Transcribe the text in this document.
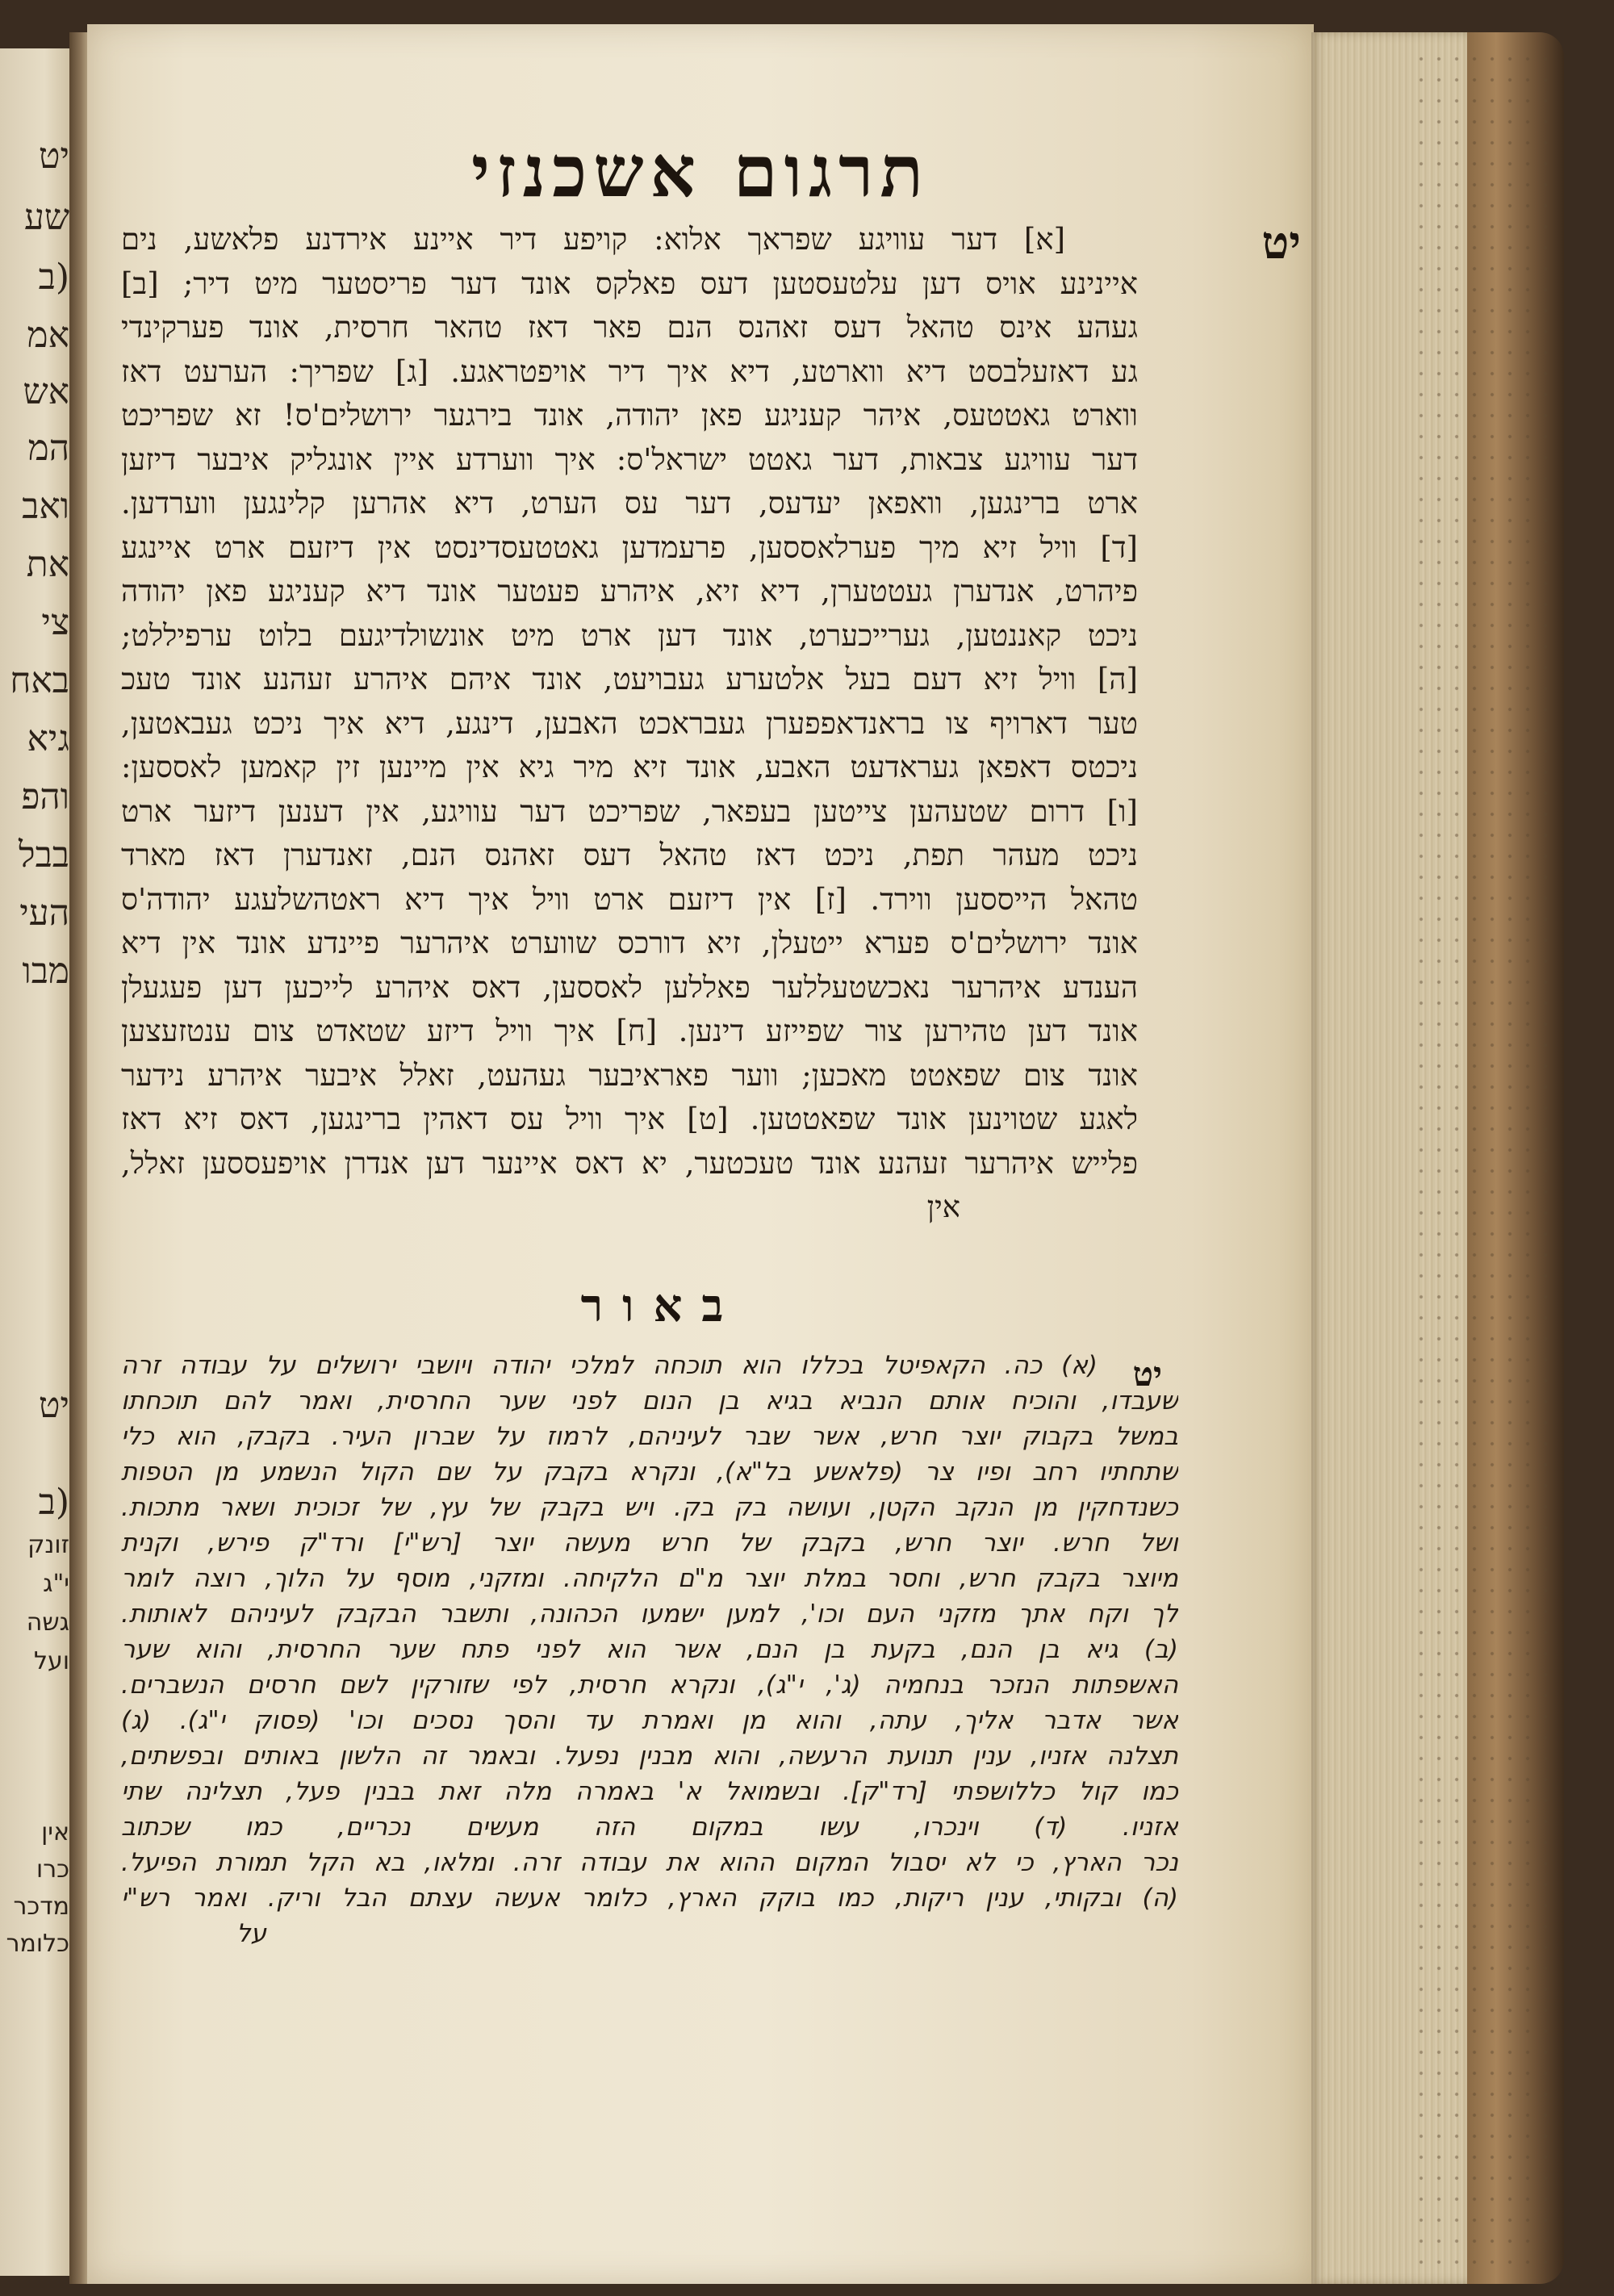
יט
שע
(ב
אמ
אש
המ
ואב
את
צי
באח
גיא
והפ
בבל
העי
מבו
יט
(ב
זונק
י"ג
גשה
ועל
אין
כרו
מדכר
כלומר
תרגום אשכנזי
יט
[א] דער עוויגע שפראך אלוא: קויפע דיר איינע אירדנע פלאשע, נים
איינינע אויס דען עלטעסטען דעס פאלקס אונד דער פריסטער מיט דיר; [ב]
געהע אינס טהאל דעס זאהנס הנם פאר דאז טהאר חרסית, אונד פערקינדי
גע דאזעלבסט דיא ווארטע, דיא איך דיר אויפטראגע. [ג] שפריך: הערעט דאז
ווארט גאטטעס, איהר קעניגע פאן יהודה, אונד בירגער ירושלים'ס! זא שפריכט
דער עוויגע צבאות, דער גאטט ישראל'ס: איך ווערדע איין אונגליק איבער דיזען
ארט ברינגען, וואפאן יעדעס, דער עס הערט, דיא אהרען קלינגען ווערדען.
[ד] וויל זיא מיך פערלאססען, פרעמדען גאטטעסדינסט אין דיזעם ארט איינגע
פיהרט, אנדערן געטטערן, דיא זיא, איהרע פעטער אונד דיא קעניגע פאן יהודה
ניכט קאננטען, גערייכערט, אונד דען ארט מיט אונשולדיגעם בלוט ערפיללט;
[ה] וויל זיא דעם בעל אלטערע געבויעט, אונד איהם איהרע זעהנע אונד טעכ
טער דארויף צו בראנדאפפערן געבראכט האבען, דינגע, דיא איך ניכט געבאטען,
ניכטס דאפאן געראדעט האבע, אונד זיא מיר גיא אין מיינען זין קאמען לאססען:
[ו] דרום שטעהען צייטען בעפאר, שפריכט דער עוויגע, אין דענען דיזער ארט
ניכט מעהר תפת, ניכט דאז טהאל דעס זאהנס הנם, זאנדערן דאז מארד
טהאל הייססען ווירד. [ז] אין דיזעם ארט וויל איך דיא ראטהשלעגע יהודה'ס
אונד ירושלים'ס פערא ייטעלן, זיא דורכס שווערט איהרער פיינדע אונד אין דיא
הענדע איהרער נאכשטעללער פאללען לאססען, דאס איהרע לייכען דען פעגעלן
אונד דען טהירען צור שפייזע דינען. [ח] איך וויל דיזע שטאדט צום ענטזעצען
אונד צום שפאטט מאכען; ווער פאראיבער געהעט, זאלל איבער איהרע נידער
לאגע שטוינען אונד שפאטטען. [ט] איך וויל עס דאהין ברינגען, דאס זיא דאז
פלייש איהרער זעהנע אונד טעכטער, יא דאס איינער דען אנדרן אויפעססען זאלל,
אין
באור
יט
(א) כה. הקאפיטל בכללו הוא תוכחה למלכי יהודה ויושבי ירושלים על עבודה זרה
שעבדו, והוכיח אותם הנביא בגיא בן הנום לפני שער החרסית, ואמר להם תוכחתו
במשל בקבוק יוצר חרש, אשר שבר לעיניהם, לרמוז על שברון העיר. בקבק, הוא כלי
שתחתיו רחב ופיו צר (פלאשע בל"א), ונקרא בקבק על שם הקול הנשמע מן הטפות
כשנדחקין מן הנקב הקטן, ועושה בק בק. ויש בקבק של עץ, של זכוכית ושאר מתכות.
ושל חרש. יוצר חרש, בקבק של חרש מעשה יוצר [רש"י] ורד"ק פירש, וקנית
מיוצר בקבק חרש, וחסר במלת יוצר מ"ם הלקיחה. ומזקני, מוסף על הלוך, רוצה לומר
לך וקח אתך מזקני העם וכו', למען ישמעו הכהונה, ותשבר הבקבק לעיניהם לאותות.
(ב) גיא בן הנם, בקעת בן הנם, אשר הוא לפני פתח שער החרסית, והוא שער
האשפתות הנזכר בנחמיה (ג', י"ג), ונקרא חרסית, לפי שזורקין לשם חרסים הנשברים.
אשר אדבר אליך, עתה, והוא מן ואמרת עד והסך נסכים וכו' (פסוק י"ג). (ג)
תצלנה אזניו, ענין תנועת הרעשה, והוא מבנין נפעל. ובאמר זה הלשון באותים ובפשתים,
כמו קול כללושפתי [רד"ק]. ובשמואל א' באמרה מלה זאת בבנין פעל, תצלינה שתי
אזניו. (ד) וינכרו, עשו במקום הזה מעשים נכריים, כמו שכתוב
נכר הארץ, כי לא יסבול המקום ההוא את עבודה זרה. ומלאו, בא הקל תמורת הפיעל.
(ה) ובקותי, ענין ריקות, כמו בוקק הארץ, כלומר אעשה עצתם הבל וריק. ואמר רש"י
על
